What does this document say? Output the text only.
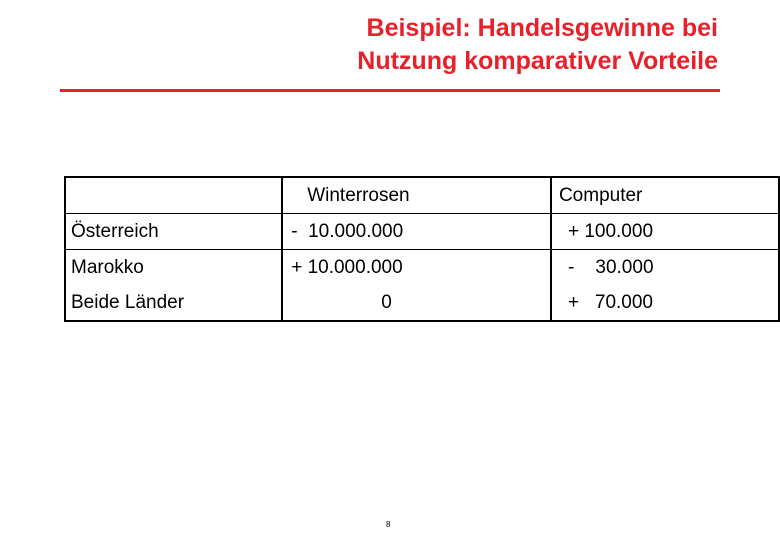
Beispiel: Handelsgewinne bei
Nutzung komparativer Vorteile
	Winterrosen	Computer
Österreich	-  10.000.000	+ 100.000
Marokko	+ 10.000.000	-    30.000
Beide Länder	0	+   70.000
8
